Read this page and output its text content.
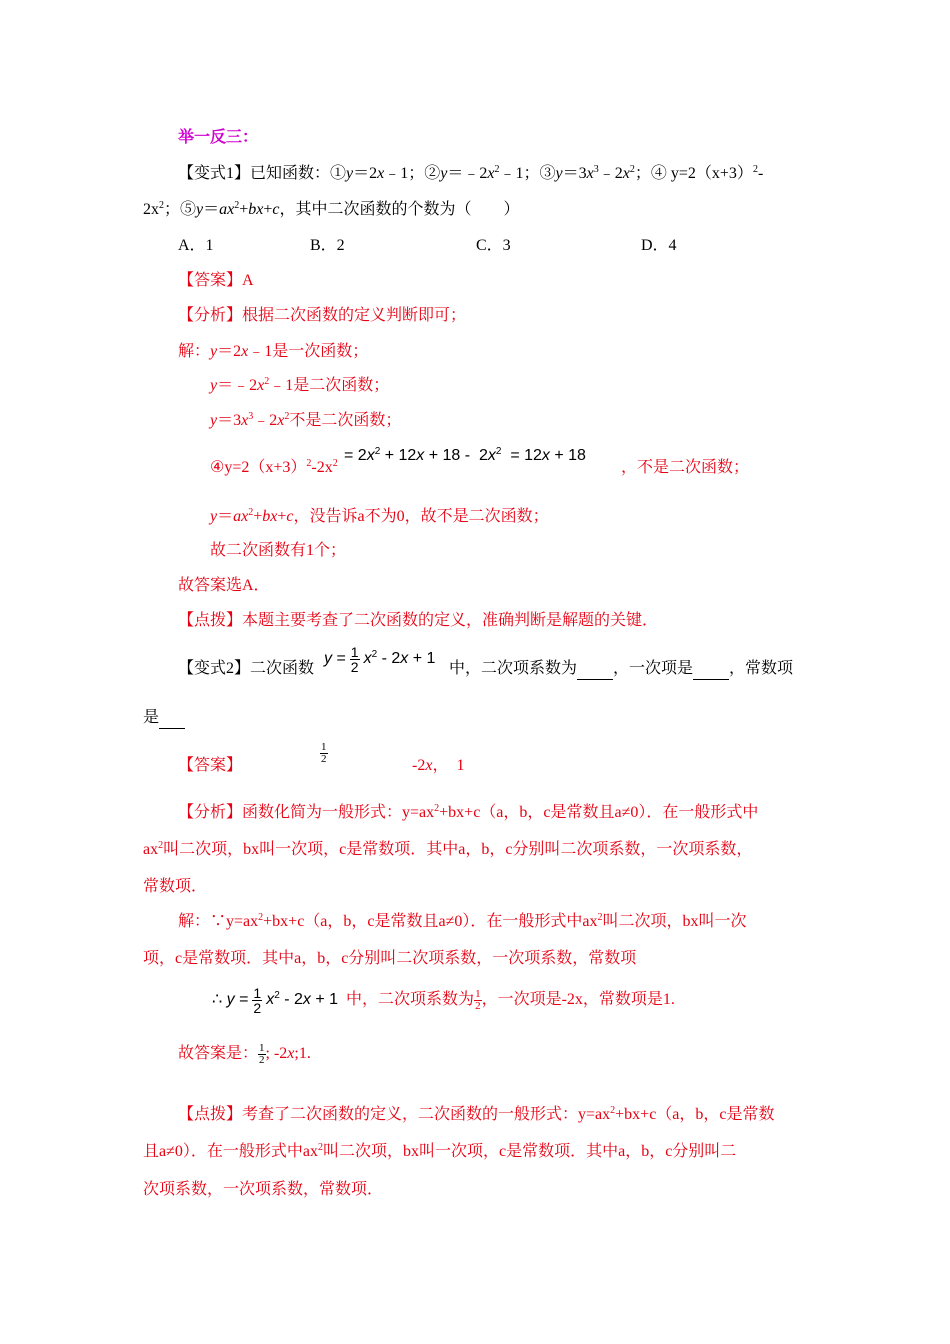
举一反三：
【变式1】已知函数：①y＝2x﹣1；$②y=﹣2x^2﹣1$；$③y=3x^3﹣2x^2$；④ $y=2(x+3)^2-$
$2x^2$；$⑤y=ax^2+bx+c$，其中二次函数的个数为（　　）
A．1	B．2	C．3	D．4
【答案】A
【分析】根据二次函数的定义判断即可；
解：y＝2x﹣1是一次函数；
$y=﹣2x^2﹣1$是二次函数；
$y=3x^3﹣2x^2$不是二次函数；
$④y=2(x+3)^2-2x^2 = 2x^2 + 12x + 18 - 2x^2 = 12x + 18$
，不是二次函数；
$y=ax^2+bx+c$，没告诉a不为0，故不是二次函数；
故二次函数有1个；
故答案选A．
【点拨】本题主要考查了二次函数的定义，准确判断是解题的关键．
【变式2】二次函数
$y = \frac{1}{2} x^2 - 2x + 1$
中，二次项系数为 ，一次项是 ，常数项
是
【答案】
$\frac{1}{2}$
-2x，　1
【分析】函数化简为一般形式：$y=ax^2+bx+c(a$，b，c是常数且a≠0）．在一般形式中
$ax^2$叫二次项，bx叫一次项，c是常数项．其中a，b，c分别叫二次项系数，一次项系数，
常数项．
解：$\because y=ax^2+bx+c(a$，b，c是常数且a≠0）．在一般形式中$ax^2$叫二次项，bx叫一次
项，c是常数项．其中a，b，c分别叫二次项系数，一次项系数，常数项
∴ $y = \frac{1}{2} x^2 - 2x + 1$  中，二次项系数为 $\frac{1}{2}$ ，一次项是-2x，常数项是1.
故答案是： $\frac{1}{2}$ ; -2x;1.
【点拨】考查了二次函数的定义，二次函数的一般形式：$y=ax^2+bx+c(a$，b，c是常数
且a≠0）．在一般形式中$ax^2$叫二次项，bx叫一次项，c是常数项．其中a，b，c分别叫二
次项系数，一次项系数，常数项．
